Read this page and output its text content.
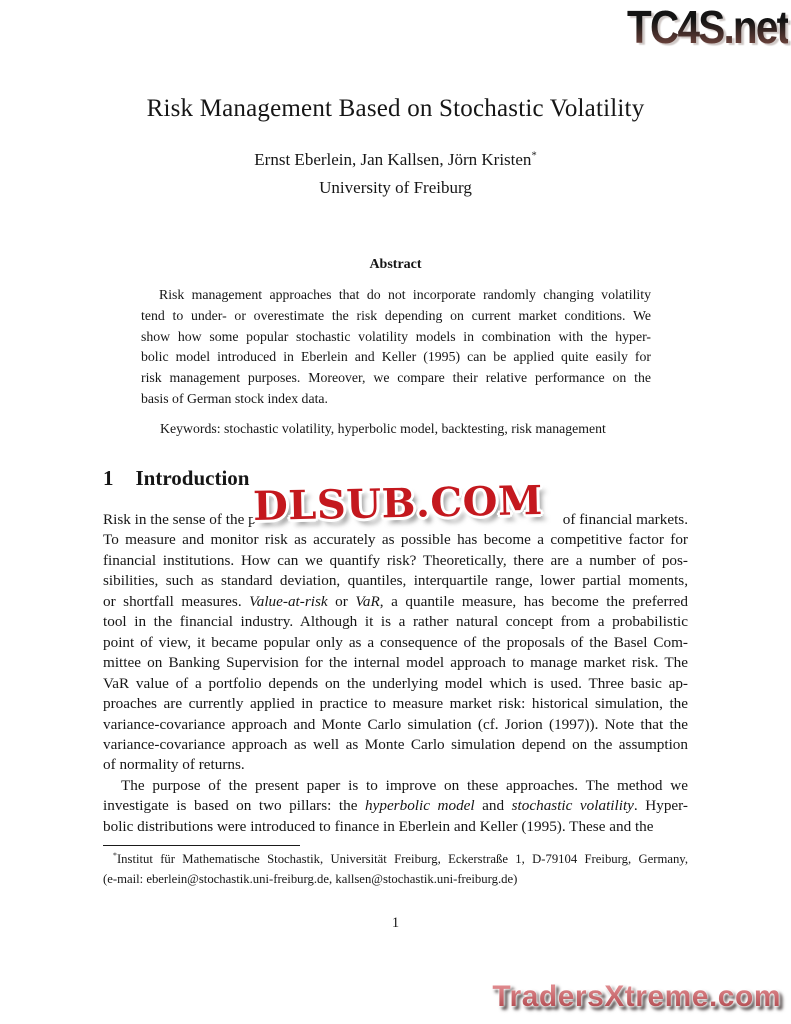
TC4S.net
Risk Management Based on Stochastic Volatility
Ernst Eberlein, Jan Kallsen, Jörn Kristen*
University of Freiburg
Abstract
Risk management approaches that do not incorporate randomly changing volatility
tend to under- or overestimate the risk depending on current market conditions. We
show how some popular stochastic volatility models in combination with the hyper-
bolic model introduced in Eberlein and Keller (1995) can be applied quite easily for
risk management purposes. Moreover, we compare their relative performance on the
basis of German stock index data.
Keywords: stochastic volatility, hyperbolic model, backtesting, risk management
1 Introduction
Risk in the sense of the p	of financial markets.
To measure and monitor risk as accurately as possible has become a competitive factor for
financial institutions. How can we quantify risk? Theoretically, there are a number of pos-
sibilities, such as standard deviation, quantiles, interquartile range, lower partial moments,
or shortfall measures. Value-at-risk or VaR, a quantile measure, has become the preferred
tool in the financial industry. Although it is a rather natural concept from a probabilistic
point of view, it became popular only as a consequence of the proposals of the Basel Com-
mittee on Banking Supervision for the internal model approach to manage market risk. The
VaR value of a portfolio depends on the underlying model which is used. Three basic ap-
proaches are currently applied in practice to measure market risk: historical simulation, the
variance-covariance approach and Monte Carlo simulation (cf. Jorion (1997)). Note that the
variance-covariance approach as well as Monte Carlo simulation depend on the assumption
of normality of returns.
The purpose of the present paper is to improve on these approaches. The method we
investigate is based on two pillars: the hyperbolic model and stochastic volatility. Hyper-
bolic distributions were introduced to finance in Eberlein and Keller (1995). These and the
*Institut für Mathematische Stochastik, Universität Freiburg, Eckerstraße 1, D-79104 Freiburg, Germany,
(e-mail: eberlein@stochastik.uni-freiburg.de, kallsen@stochastik.uni-freiburg.de)
1
DLSUB.COM
TradersXtreme.com
